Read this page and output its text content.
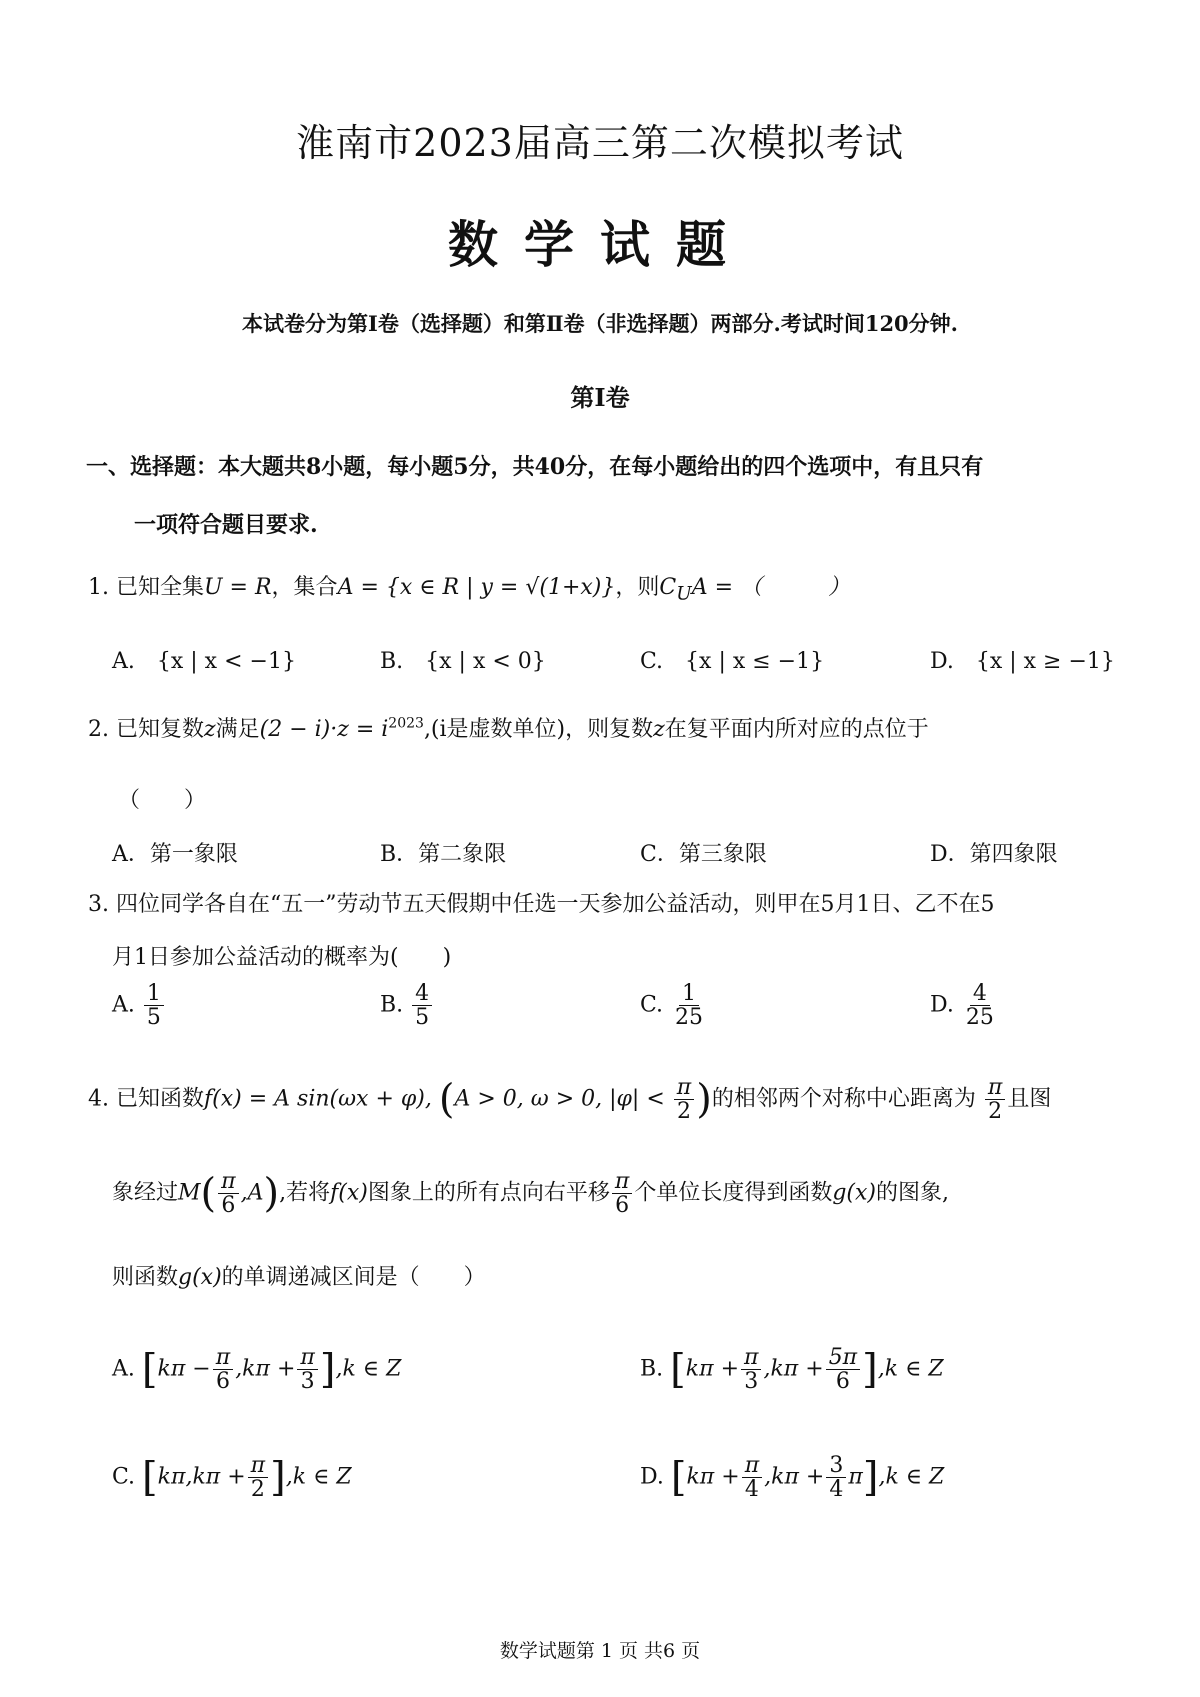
淮南市2023届高三第二次模拟考试
数学试题
本试卷分为第Ⅰ卷（选择题）和第Ⅱ卷（非选择题）两部分.考试时间120分钟.
第Ⅰ卷
一、选择题：本大题共8小题，每小题5分，共40分，在每小题给出的四个选项中，有且只有
一项符合题目要求.
1. 已知全集U = R，集合A = {x ∈ R | y = √(1+x)}，则$C_UA$ = （　　　）
A.　{x | x < −1}	B.　{x | x < 0}	C.　{x | x ≤ −1}	D.　{x | x ≥ −1}
2. 已知复数z满足$(2 - i)\cdot z = i^{2023},(i$是虚数单位)，则复数z在复平面内所对应的点位于
（　　）
A．第一象限	B．第二象限	C．第三象限	D．第四象限
3. 四位同学各自在“五一”劳动节五天假期中任选一天参加公益活动，则甲在5月1日、乙不在5
月1日参加公益活动的概率为(　　)
A. $\frac{1}{5}$	B. $\frac{4}{5}$	C. $\frac{1}{25}$	D. $\frac{4}{25}$
4. 已知函数f(x) = A sin(ωx + φ), (A > 0, ω > 0, $|\varphi| < \frac{\pi}{2}$ )的相邻两个对称中心距离为 $\frac{\pi}{2}$ 且图
象经过$M( \frac{\pi}{6} ,A)$,若将f(x)图象上的所有点向右平移 $\frac{\pi}{6}$ 个单位长度得到函数g(x)的图象,
则函数g(x)的单调递减区间是（　　）
A. $[k\pi - \frac{\pi}{6} ,k\pi + \frac{\pi}{3} ],k$ ∈ Z	B. $[k\pi + \frac{\pi}{3} ,k\pi + \frac{5\pi}{6} ],k$ ∈ Z
C. $[k\pi,k\pi + \frac{\pi}{2} ],k$ ∈ Z	D. $[k\pi + \frac{\pi}{4} ,k\pi + \frac{3}{4} \pi],k$ ∈ Z
数学试题第 1 页 共6 页
